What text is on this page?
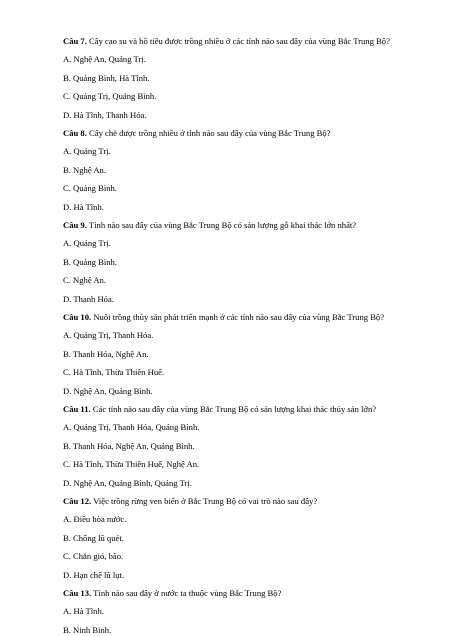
Câu 7. Cây cao su và hồ tiêu được trồng nhiều ở các tỉnh nào sau đây của vùng Bắc Trung Bộ?
A. Nghệ An, Quảng Trị.
B. Quảng Bình, Hà Tĩnh.
C. Quảng Trị, Quảng Bình.
D. Hà Tĩnh, Thanh Hóa.
Câu 8. Cây chè được trồng nhiều ở tỉnh nào sau đây của vùng Bắc Trung Bộ?
A. Quảng Trị.
B. Nghệ An.
C. Quảng Bình.
D. Hà Tĩnh.
Câu 9. Tỉnh nào sau đây của vùng Bắc Trung Bộ có sản lượng gỗ khai thác lớn nhất?
A. Quảng Trị.
B. Quảng Bình.
C. Nghệ An.
D. Thanh Hóa.
Câu 10. Nuôi trồng thủy sản phát triển mạnh ở các tỉnh nào sau đây của vùng Bắc Trung Bộ?
A. Quảng Trị, Thanh Hóa.
B. Thanh Hóa, Nghệ An.
C. Hà Tĩnh, Thừa Thiên Huế.
D. Nghệ An, Quảng Bình.
Câu 11. Các tỉnh nào sau đây của vùng Bắc Trung Bộ có sản lượng khai thác thủy sản lớn?
A. Quảng Trị, Thanh Hóa, Quảng Bình.
B. Thanh Hóa, Nghệ An, Quảng Bình.
C. Hà Tĩnh, Thừa Thiên Huế, Nghệ An.
D. Nghệ An, Quảng Bình, Quảng Trị.
Câu 12. Việc trồng rừng ven biển ở Bắc Trung Bộ có vai trò nào sau đây?
A. Điều hòa nước.
B. Chống lũ quét.
C. Chắn gió, bão.
D. Hạn chế lũ lụt.
Câu 13. Tỉnh nào sau đây ở nước ta thuộc vùng Bắc Trung Bộ?
A. Hà Tĩnh.
B. Ninh Bình.
